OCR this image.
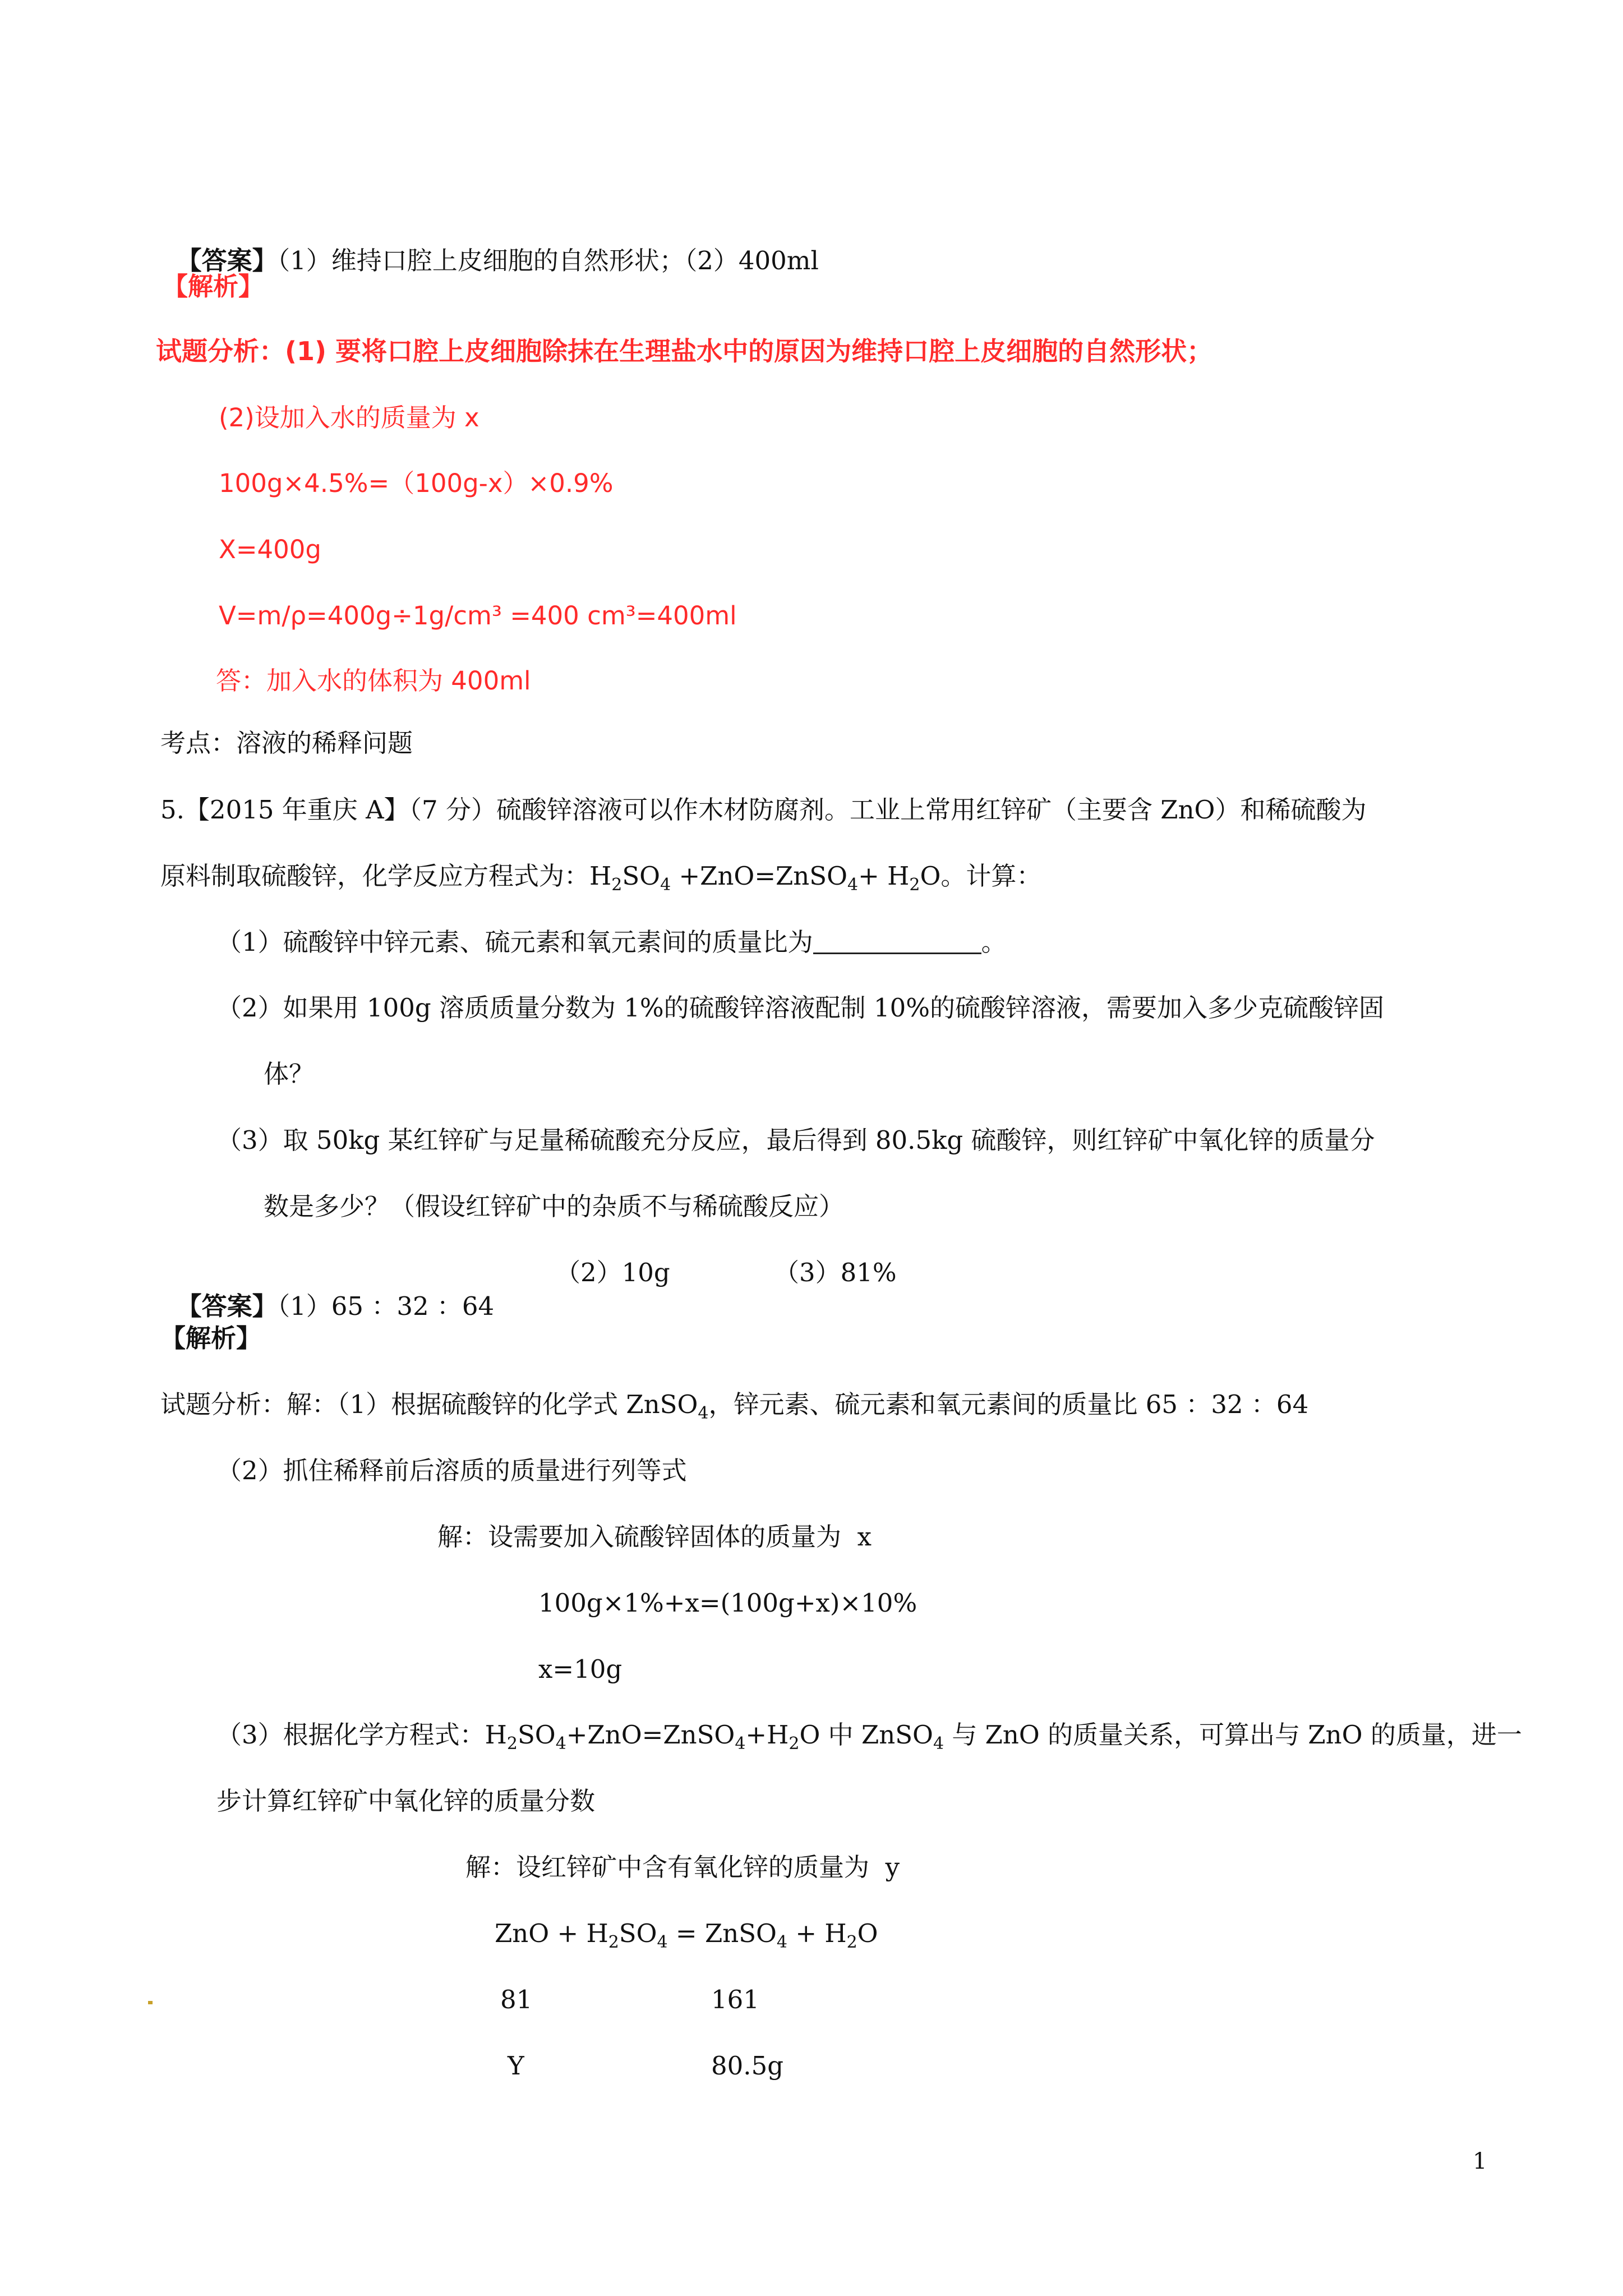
【答案】（1）维持口腔上皮细胞的自然形状；（2）400ml

【解析】
试题分析：(1) 要将口腔上皮细胞除抹在生理盐水中的原因为维持口腔上皮细胞的自然形状；
(2)设加入水的质量为 x
100g×4.5%=（100g-x）×0.9%
X=400g
V=m/ρ=400g÷1g/cm³ =400 cm³=400ml
答：加入水的体积为 400ml
考点：溶液的稀释问题
5.【2015 年重庆 A】（7 分）硫酸锌溶液可以作木材防腐剂。工业上常用红锌矿（主要含 ZnO）和稀硫酸为
原料制取硫酸锌，化学反应方程式为：$H_2SO_4$ +ZnO=ZnSO$_4$+ $H_2O$。计算：
（1）硫酸锌中锌元素、硫元素和氧元素间的质量比为	。
（2）如果用 100g 溶质质量分数为 1%的硫酸锌溶液配制 10%的硫酸锌溶液，需要加入多少克硫酸锌固
体？
（3）取 50kg 某红锌矿与足量稀硫酸充分反应，最后得到 80.5kg 硫酸锌，则红锌矿中氧化锌的质量分
数是多少？（假设红锌矿中的杂质不与稀硫酸反应）

【答案】（1）65 ：32 ：64

（2）10g	（3）81%
【解析】
试题分析：解：（1）根据硫酸锌的化学式 ZnSO$_4$，锌元素、硫元素和氧元素间的质量比 65 ：32 ：64
（2）抓住稀释前后溶质的质量进行列等式
解：设需要加入硫酸锌固体的质量为  x
100g×1%+x=(100g+x)×10%
x=10g
（3）根据化学方程式：$H_2SO_4+ZnO=ZnSO_4+H_2O$ 中 ZnSO$_4$ 与 ZnO 的质量关系，可算出与 ZnO 的质量，进一
步计算红锌矿中氧化锌的质量分数
解：设红锌矿中含有氧化锌的质量为  y
ZnO + $H_2SO_4$ = ZnSO$_4$ + $H_2O$
81	161
Y	80.5g
1
